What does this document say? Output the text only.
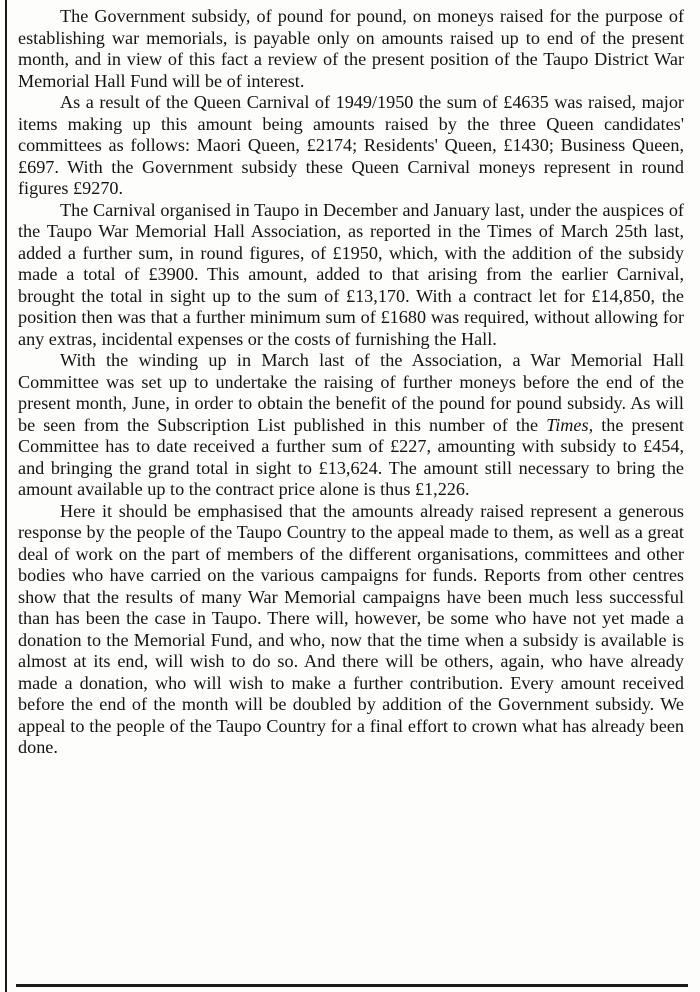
The Government subsidy, of pound for pound, on moneys raised for the purpose of establishing war memorials, is payable only on amounts raised up to end of the present month, and in view of this fact a review of the present position of the Taupo District War Memorial Hall Fund will be of interest.

As a result of the Queen Carnival of 1949/1950 the sum of £4635 was raised, major items making up this amount being amounts raised by the three Queen candidates' committees as follows: Maori Queen, £2174; Residents' Queen, £1430; Business Queen, £697. With the Government subsidy these Queen Carnival moneys represent in round figures £9270.

The Carnival organised in Taupo in December and January last, under the auspices of the Taupo War Memorial Hall Association, as reported in the Times of March 25th last, added a further sum, in round figures, of £1950, which, with the addition of the subsidy made a total of £3900. This amount, added to that arising from the earlier Carnival, brought the total in sight up to the sum of £13,170. With a contract let for £14,850, the position then was that a further minimum sum of £1680 was required, without allowing for any extras, incidental expenses or the costs of furnishing the Hall.

With the winding up in March last of the Association, a War Memorial Hall Committee was set up to undertake the raising of further moneys before the end of the present month, June, in order to obtain the benefit of the pound for pound subsidy. As will be seen from the Subscription List published in this number of the Times, the present Committee has to date received a further sum of £227, amounting with subsidy to £454, and bringing the grand total in sight to £13,624. The amount still necessary to bring the amount available up to the contract price alone is thus £1,226.

Here it should be emphasised that the amounts already raised represent a generous response by the people of the Taupo Country to the appeal made to them, as well as a great deal of work on the part of members of the different organisations, committees and other bodies who have carried on the various campaigns for funds. Reports from other centres show that the results of many War Memorial campaigns have been much less successful than has been the case in Taupo. There will, however, be some who have not yet made a donation to the Memorial Fund, and who, now that the time when a subsidy is available is almost at its end, will wish to do so. And there will be others, again, who have already made a donation, who will wish to make a further contribution. Every amount received before the end of the month will be doubled by addition of the Government subsidy. We appeal to the people of the Taupo Country for a final effort to crown what has already been done.
